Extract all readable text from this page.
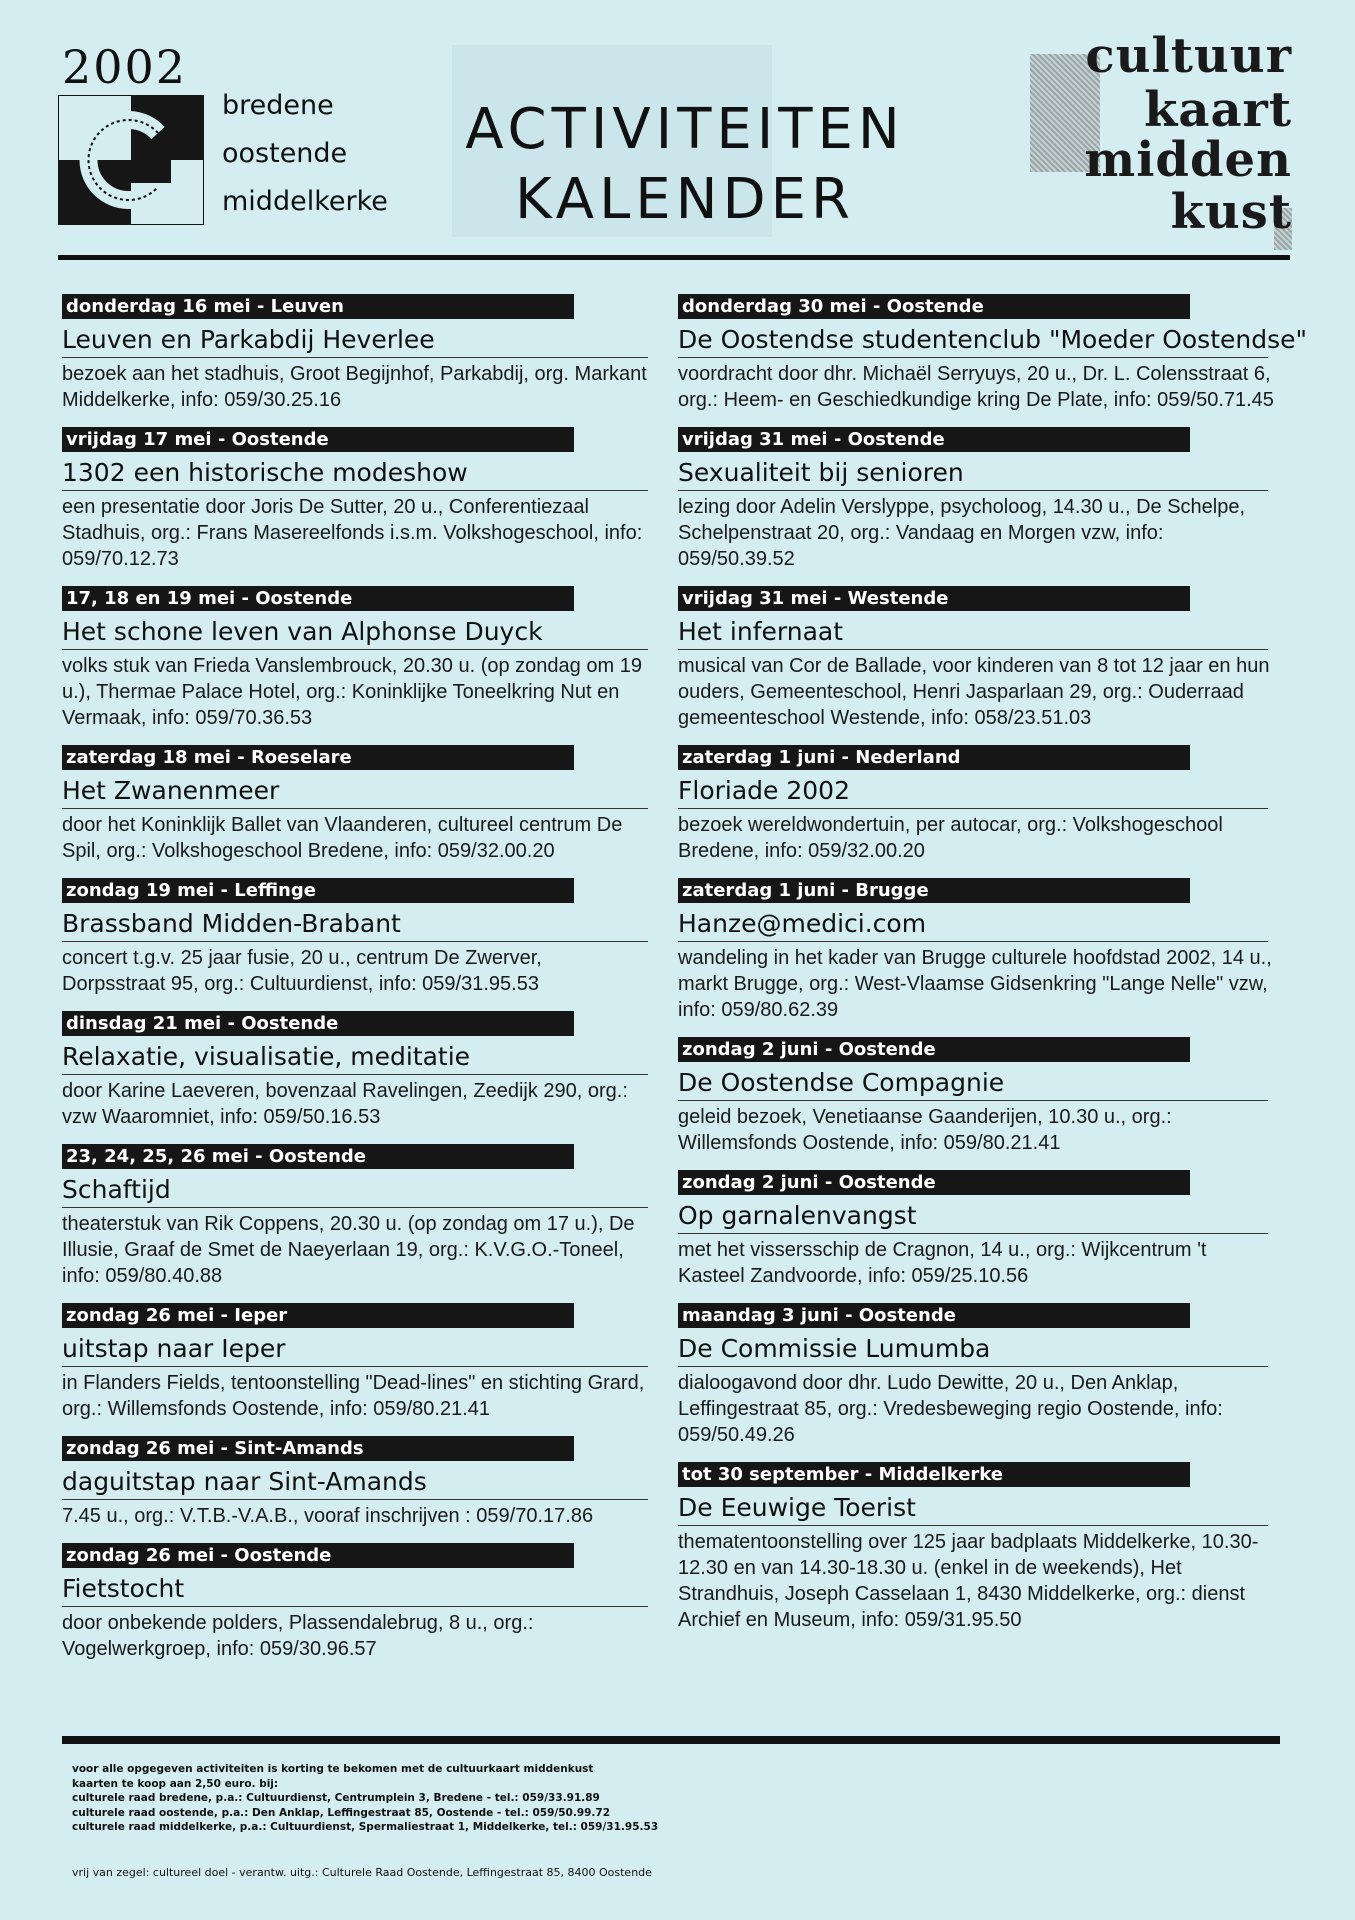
2002
bredene
oostende
middelkerke
ACTIVITEITEN
KALENDER
cultuur
kaart
midden
kust
donderdag 16 mei - Leuven
Leuven en Parkabdij Heverlee
bezoek aan het stadhuis, Groot Begijnhof, Parkabdij, org. Markant Middelkerke, info: 059/30.25.16
vrijdag 17 mei - Oostende
1302 een historische modeshow
een presentatie door Joris De Sutter, 20 u., Conferentiezaal Stadhuis, org.: Frans Masereelfonds i.s.m. Volkshogeschool, info: 059/70.12.73
17, 18 en 19 mei - Oostende
Het schone leven van Alphonse Duyck
volks stuk van Frieda Vanslembrouck, 20.30 u. (op zondag om 19 u.), Thermae Palace Hotel, org.: Koninklijke Toneelkring Nut en Vermaak, info: 059/70.36.53
zaterdag 18 mei - Roeselare
Het Zwanenmeer
door het Koninklijk Ballet van Vlaanderen, cultureel centrum De Spil, org.: Volkshogeschool Bredene, info: 059/32.00.20
zondag 19 mei - Leffinge
Brassband Midden-Brabant
concert t.g.v. 25 jaar fusie, 20 u., centrum De Zwerver, Dorpsstraat 95, org.: Cultuurdienst, info: 059/31.95.53
dinsdag 21 mei - Oostende
Relaxatie, visualisatie, meditatie
door Karine Laeveren, bovenzaal Ravelingen, Zeedijk 290, org.: vzw Waaromniet, info: 059/50.16.53
23, 24, 25, 26 mei - Oostende
Schaftijd
theaterstuk van Rik Coppens, 20.30 u. (op zondag om 17 u.), De Illusie, Graaf de Smet de Naeyerlaan 19, org.: K.V.G.O.-Toneel, info: 059/80.40.88
zondag 26 mei - Ieper
uitstap naar Ieper
in Flanders Fields, tentoonstelling "Dead-lines" en stichting Grard, org.: Willemsfonds Oostende, info: 059/80.21.41
zondag 26 mei - Sint-Amands
daguitstap naar Sint-Amands
7.45 u., org.: V.T.B.-V.A.B., vooraf inschrijven : 059/70.17.86
zondag 26 mei - Oostende
Fietstocht
door onbekende polders, Plassendalebrug, 8 u., org.: Vogelwerkgroep, info: 059/30.96.57
donderdag 30 mei - Oostende
De Oostendse studentenclub "Moeder Oostendse"
voordracht door dhr. Michaël Serryuys, 20 u., Dr. L. Colensstraat 6, org.: Heem- en Geschiedkundige kring De Plate, info: 059/50.71.45
vrijdag 31 mei - Oostende
Sexualiteit bij senioren
lezing door Adelin Verslyppe, psycholoog, 14.30 u., De Schelpe, Schelpenstraat 20, org.: Vandaag en Morgen vzw, info: 059/50.39.52
vrijdag 31 mei - Westende
Het infernaat
musical van Cor de Ballade, voor kinderen van 8 tot 12 jaar en hun ouders, Gemeenteschool, Henri Jasparlaan 29, org.: Ouderraad gemeenteschool Westende, info: 058/23.51.03
zaterdag 1 juni - Nederland
Floriade 2002
bezoek wereldwondertuin, per autocar, org.: Volkshogeschool Bredene, info: 059/32.00.20
zaterdag 1 juni - Brugge
Hanze@medici.com
wandeling in het kader van Brugge culturele hoofdstad 2002, 14 u., markt Brugge, org.: West-Vlaamse Gidsenkring "Lange Nelle" vzw, info: 059/80.62.39
zondag 2 juni - Oostende
De Oostendse Compagnie
geleid bezoek, Venetiaanse Gaanderijen, 10.30 u., org.: Willemsfonds Oostende, info: 059/80.21.41
zondag 2 juni - Oostende
Op garnalenvangst
met het vissersschip de Cragnon, 14 u., org.: Wijkcentrum 't Kasteel Zandvoorde, info: 059/25.10.56
maandag 3 juni - Oostende
De Commissie Lumumba
dialoogavond door dhr. Ludo Dewitte, 20 u., Den Anklap, Leffingestraat 85, org.: Vredesbeweging regio Oostende, info: 059/50.49.26
tot 30 september - Middelkerke
De Eeuwige Toerist
thematentoonstelling over 125 jaar badplaats Middelkerke, 10.30-12.30 en van 14.30-18.30 u. (enkel in de weekends), Het Strandhuis, Joseph Casselaan 1, 8430 Middelkerke, org.: dienst Archief en Museum, info: 059/31.95.50
voor alle opgegeven activiteiten is korting te bekomen met de cultuurkaart middenkust
kaarten te koop aan 2,50 euro. bij:
culturele raad bredene, p.a.: Cultuurdienst, Centrumplein 3, Bredene - tel.: 059/33.91.89
culturele raad oostende, p.a.: Den Anklap, Leffingestraat 85, Oostende - tel.: 059/50.99.72
culturele raad middelkerke, p.a.: Cultuurdienst, Spermaliestraat 1, Middelkerke, tel.: 059/31.95.53
vrij van zegel: cultureel doel - verantw. uitg.: Culturele Raad Oostende, Leffingestraat 85, 8400 Oostende
